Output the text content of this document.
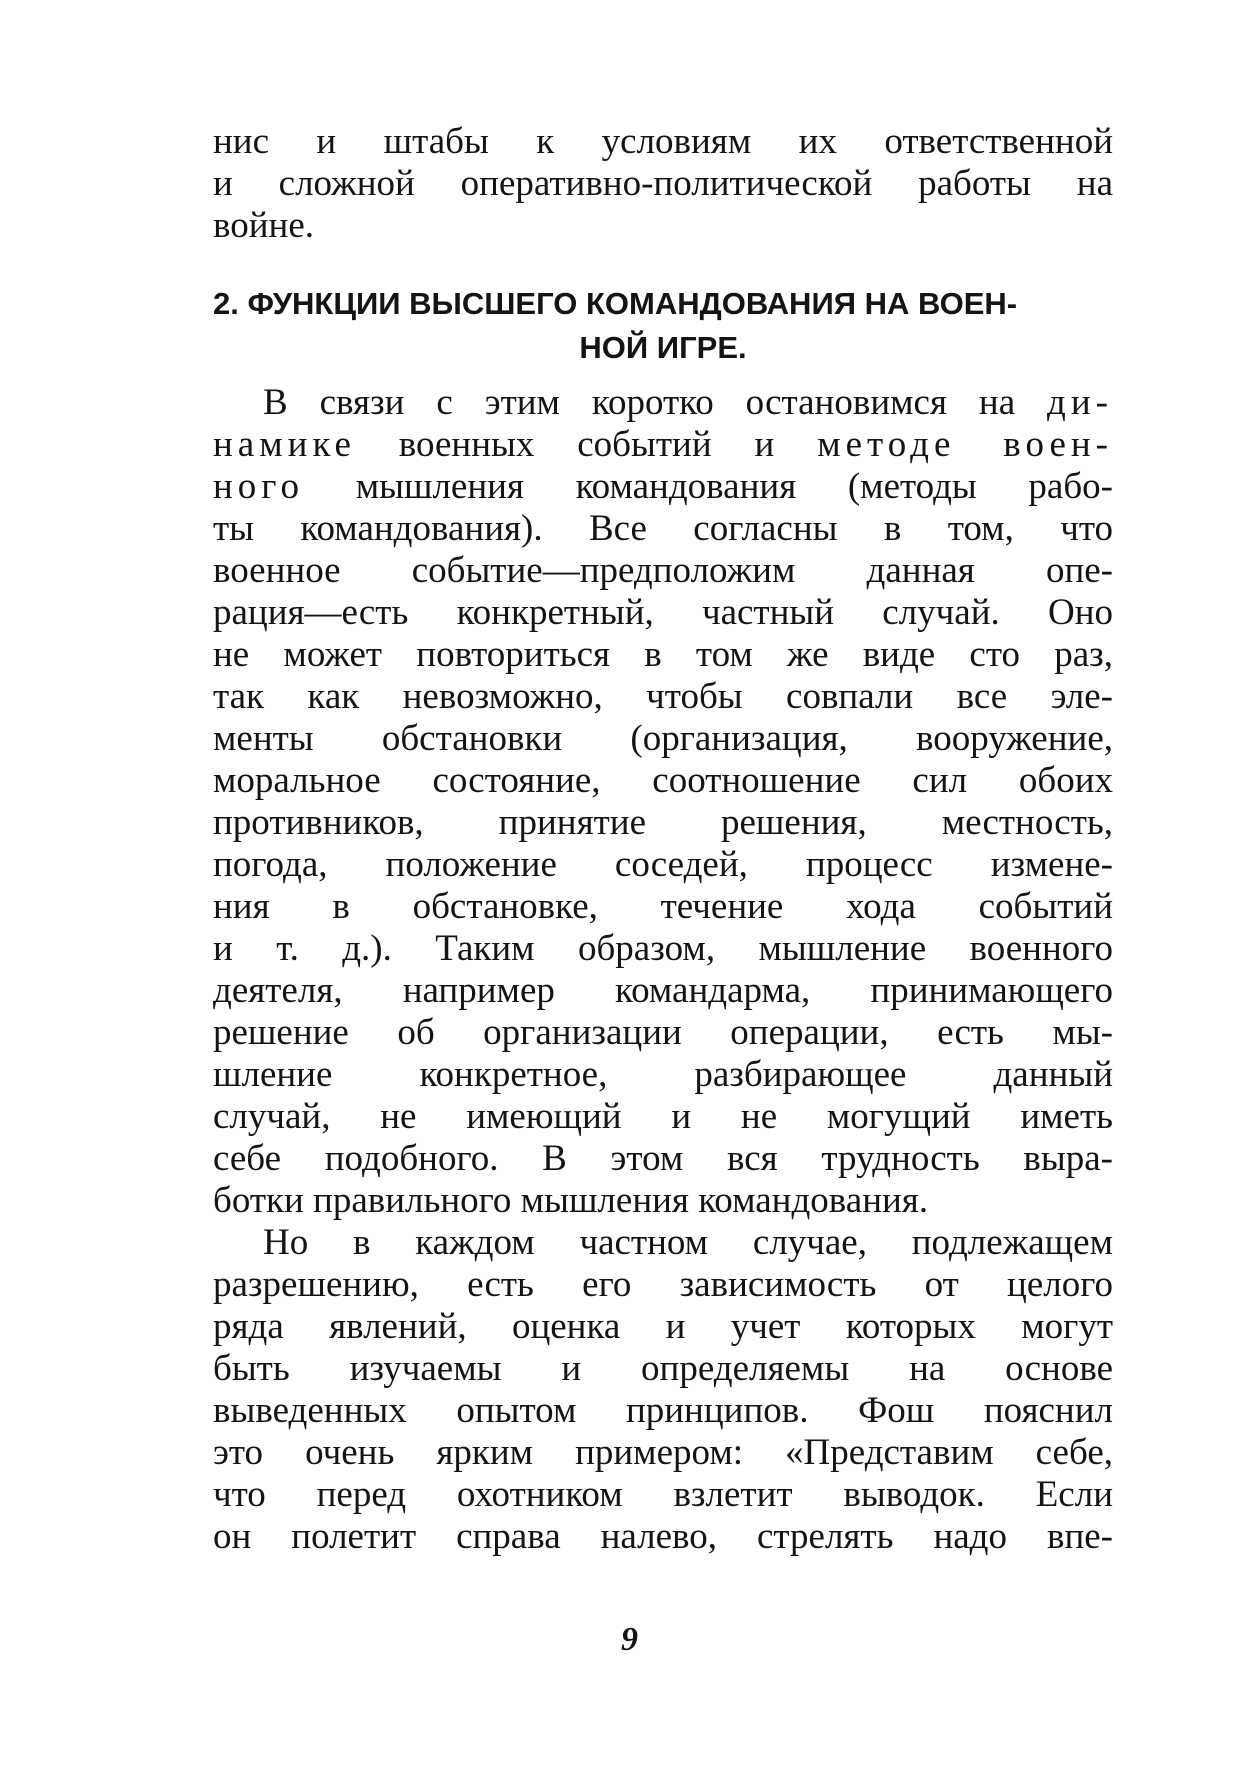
нис и штабы к условиям их ответственной
и сложной оперативно-политической работы на
войне.
2. ФУНКЦИИ ВЫСШЕГО КОМАНДОВАНИЯ НА ВОЕН-
НОЙ ИГРЕ.
В связи с этим коротко остановимся на ди-
намике военных событий и методе воен-
ного мышления командования (методы рабо-
ты командования). Все согласны в том, что
военное событие—предположим данная опе-
рация—есть конкретный, частный случай. Оно
не может повториться в том же виде сто раз,
так как невозможно, чтобы совпали все эле-
менты обстановки (организация, вооружение,
моральное состояние, соотношение сил обоих
противников, принятие решения, местность,
погода, положение соседей, процесс измене-
ния в обстановке, течение хода событий
и т. д.). Таким образом, мышление военного
деятеля, например командарма, принимающего
решение об организации операции, есть мы-
шление конкретное, разбирающее данный
случай, не имеющий и не могущий иметь
себе подобного. В этом вся трудность выра-
ботки правильного мышления командования.
Но в каждом частном случае, подлежащем
разрешению, есть его зависимость от целого
ряда явлений, оценка и учет которых могут
быть изучаемы и определяемы на основе
выведенных опытом принципов. Фош пояснил
это очень ярким примером: «Представим себе,
что перед охотником взлетит выводок. Если
он полетит справа налево, стрелять надо впе-
9
